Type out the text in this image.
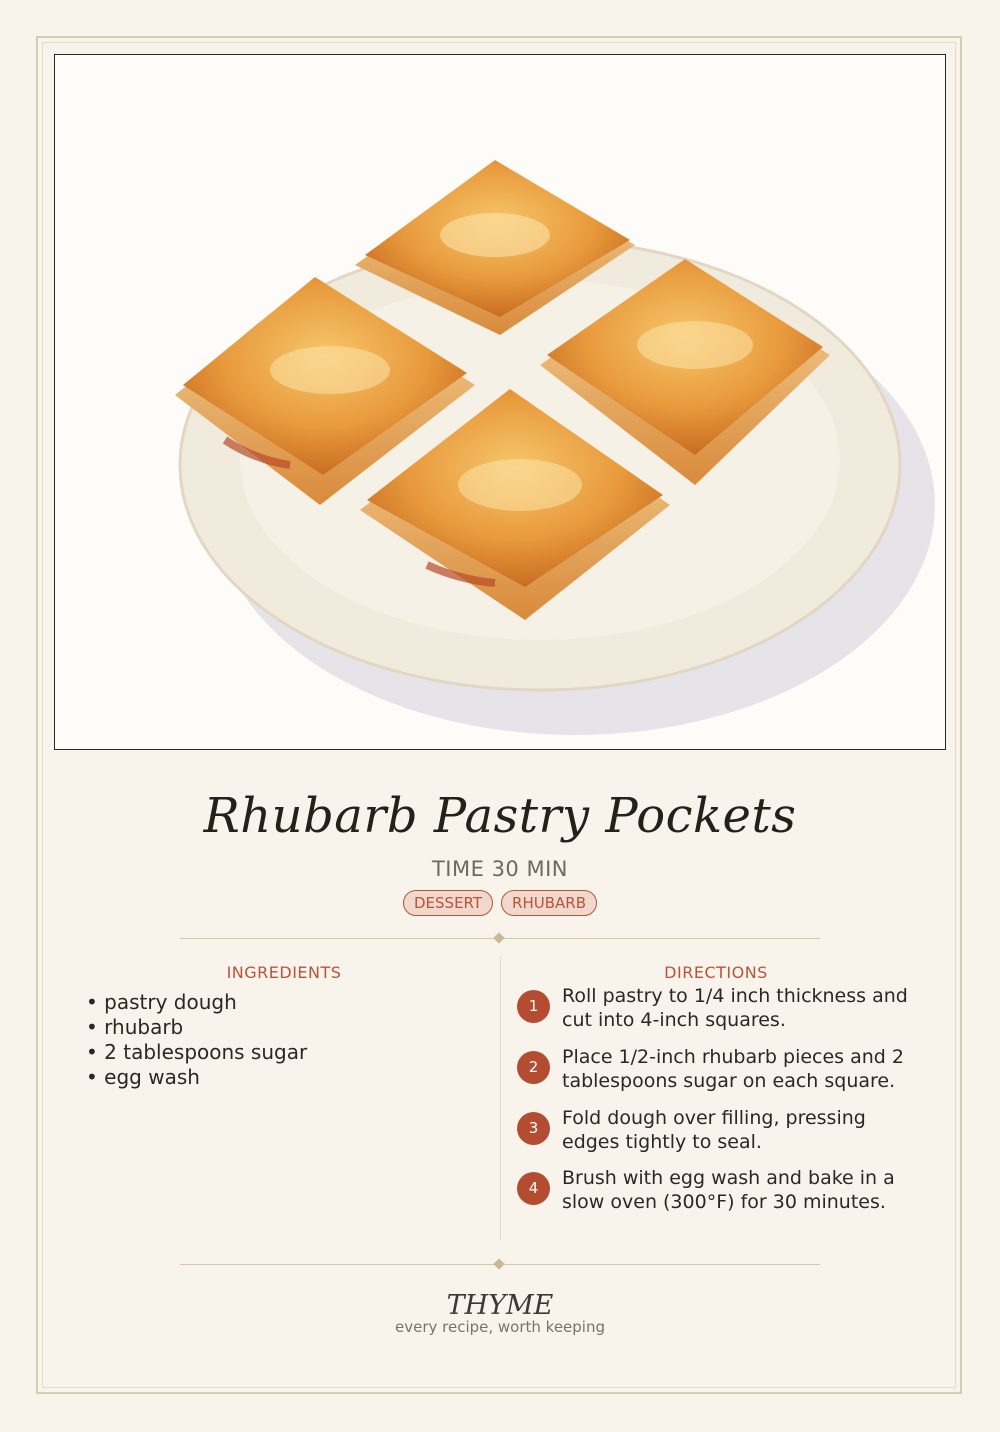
Rhubarb Pastry Pockets
TIME 30 MIN
DESSERT	RHUBARB
INGREDIENTS
• pastry dough
• rhubarb
• 2 tablespoons sugar
• egg wash
DIRECTIONS
1	Roll pastry to 1/4 inch thickness and cut into 4-inch squares.
2	Place 1/2-inch rhubarb pieces and 2 tablespoons sugar on each square.
3	Fold dough over filling, pressing edges tightly to seal.
4	Brush with egg wash and bake in a slow oven (300°F) for 30 minutes.
THYME
every recipe, worth keeping
